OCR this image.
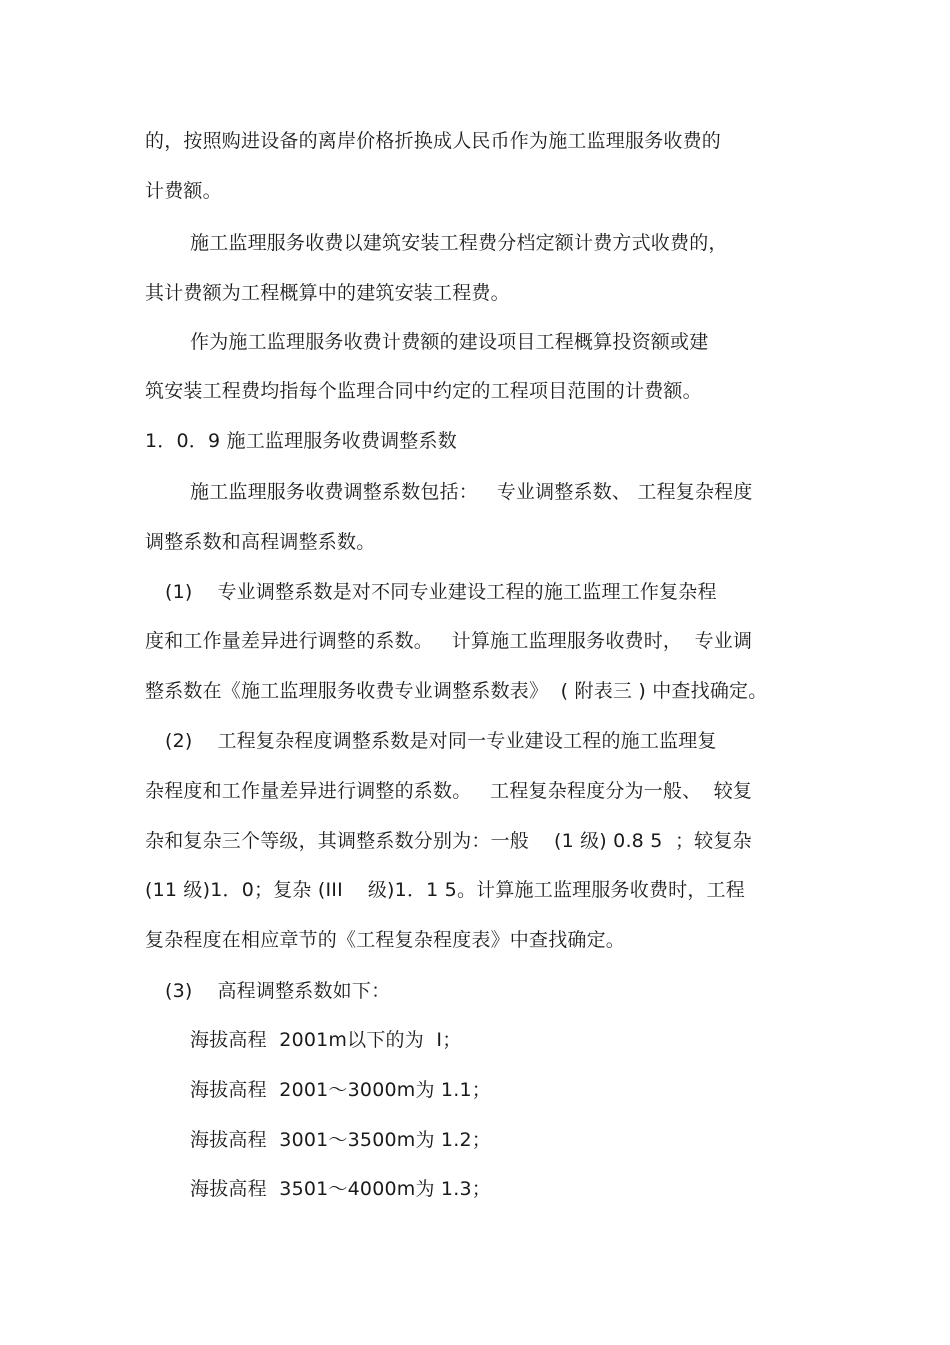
的，按照购进设备的离岸价格折换成人民币作为施工监理服务收费的
计费额。
施工监理服务收费以建筑安装工程费分档定额计费方式收费的，
其计费额为工程概算中的建筑安装工程费。
作为施工监理服务收费计费额的建设项目工程概算投资额或建
筑安装工程费均指每个监理合同中约定的工程项目范围的计费额。
1．0．9 施工监理服务收费调整系数
施工监理服务收费调整系数包括：   专业调整系数、 工程复杂程度
调整系数和高程调整系数。
(1)    专业调整系数是对不同专业建设工程的施工监理工作复杂程
度和工作量差异进行调整的系数。   计算施工监理服务收费时，  专业调
整系数在《施工监理服务收费专业调整系数表》  ( 附表三 ) 中查找确定。
(2)    工程复杂程度调整系数是对同一专业建设工程的施工监理复
杂程度和工作量差异进行调整的系数。   工程复杂程度分为一般、  较复
杂和复杂三个等级，其调整系数分别为：一般    (1 级) 0.8 5  ；较复杂
(11 级)1．0；复杂 (III    级)1．1 5。计算施工监理服务收费时，工程
复杂程度在相应章节的《工程复杂程度表》中查找确定。
(3)    高程调整系数如下：
海拔高程  2001m以下的为  I；
海拔高程  2001～3000m为 1.1；
海拔高程  3001～3500m为 1.2；
海拔高程  3501～4000m为 1.3；
